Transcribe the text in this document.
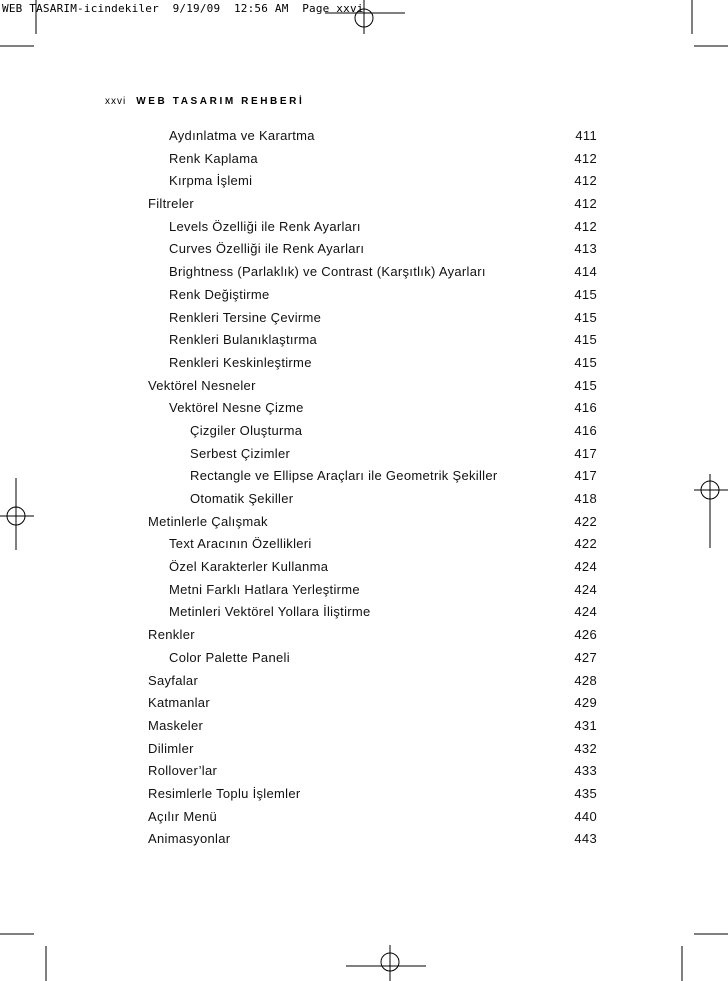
WEB TASARIM-icindekiler  9/19/09  12:56 AM  Page xxvi
xxvi WEB TASARIM REHBERİ
Aydınlatma ve Karartma	411
Renk Kaplama	412
Kırpma İşlemi	412
Filtreler	412
Levels Özelliği ile Renk Ayarları	412
Curves Özelliği ile Renk Ayarları	413
Brightness (Parlaklık) ve Contrast (Karşıtlık) Ayarları	414
Renk Değiştirme	415
Renkleri Tersine Çevirme	415
Renkleri Bulanıklaştırma	415
Renkleri Keskinleştirme	415
Vektörel Nesneler	415
Vektörel Nesne Çizme	416
Çizgiler Oluşturma	416
Serbest Çizimler	417
Rectangle ve Ellipse Araçları ile Geometrik Şekiller	417
Otomatik Şekiller	418
Metinlerle Çalışmak	422
Text Aracının Özellikleri	422
Özel Karakterler Kullanma	424
Metni Farklı Hatlara Yerleştirme	424
Metinleri Vektörel Yollara İliştirme	424
Renkler	426
Color Palette Paneli	427
Sayfalar	428
Katmanlar	429
Maskeler	431
Dilimler	432
Rollover’lar	433
Resimlerle Toplu İşlemler	435
Açılır Menü	440
Animasyonlar	443
